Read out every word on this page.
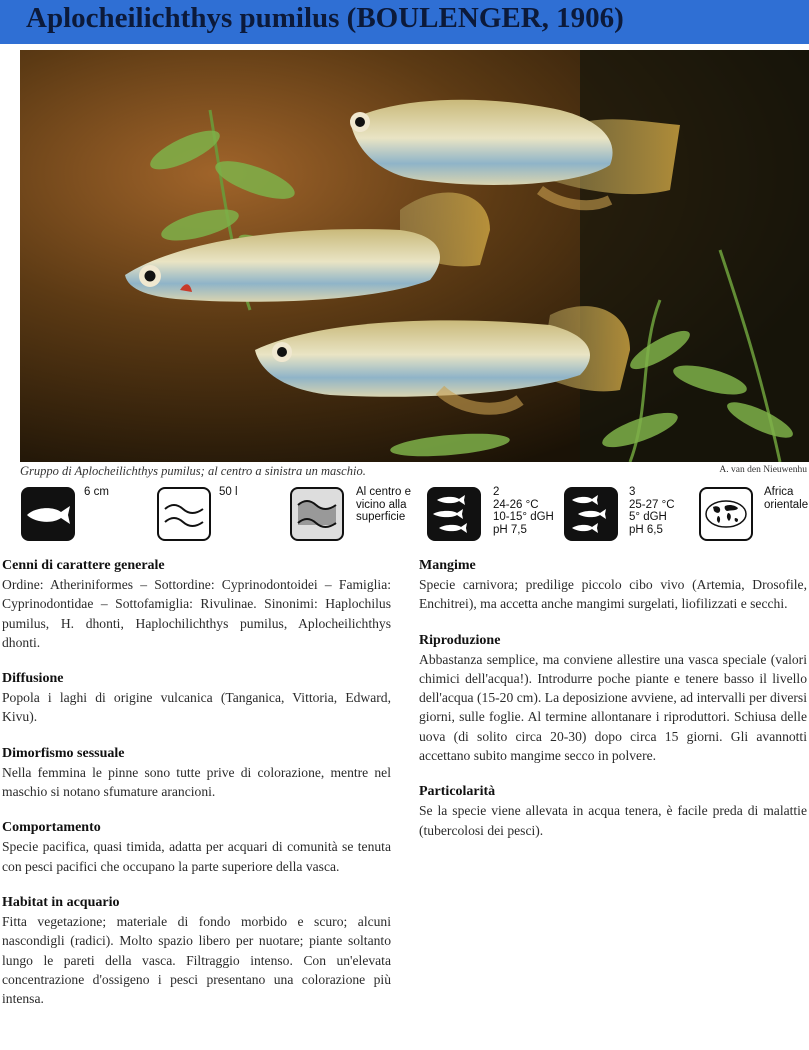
Aplocheilichthys pumilus (BOULENGER, 1906)
Gruppo di Aplocheilichthys pumilus; al centro a sinistra un maschio.	A. van den Nieuwenhu
6 cm	50 l	Al centro e
vicino alla
superficie
2
24-26 °C
10-15° dGH
pH 7,5
3
25-27 °C
5° dGH
pH 6,5
Africa
orientale
Cenni di carattere generale

Ordine: Atheriniformes – Sottordine: Cyprinodontoidei – Famiglia: Cyprinodontidae – Sottofamiglia: Rivulinae. Sinonimi: Haplochilus pumilus, H. dhonti, Haplochilichthys pumilus, Aplocheilichthys dhonti.

Diffusione

Popola i laghi di origine vulcanica (Tanganica, Vittoria, Edward, Kivu).

Dimorfismo sessuale

Nella femmina le pinne sono tutte prive di colorazione, mentre nel maschio si notano sfumature arancioni.

Comportamento

Specie pacifica, quasi timida, adatta per acquari di comunità se tenuta con pesci pacifici che occupano la parte superiore della vasca.

Habitat in acquario

Fitta vegetazione; materiale di fondo morbido e scuro; alcuni nascondigli (radici). Molto spazio libero per nuotare; piante soltanto lungo le pareti della vasca. Filtraggio intenso. Con un'elevata concentrazione d'ossigeno i pesci presentano una colorazione più intensa.

Mangime

Specie carnivora; predilige piccolo cibo vivo (Artemia, Drosofile, Enchitrei), ma accetta anche mangimi surgelati, liofilizzati e secchi.

Riproduzione

Abbastanza semplice, ma conviene allestire una vasca speciale (valori chimici dell'acqua!). Introdurre poche piante e tenere basso il livello dell'acqua (15-20 cm). La deposizione avviene, ad intervalli per diversi giorni, sulle foglie. Al termine allontanare i riproduttori. Schiusa delle uova (di solito circa 20-30) dopo circa 15 giorni. Gli avannotti accettano subito mangime secco in polvere.

Particolarità

Se la specie viene allevata in acqua tenera, è facile preda di malattie (tubercolosi dei pesci).
